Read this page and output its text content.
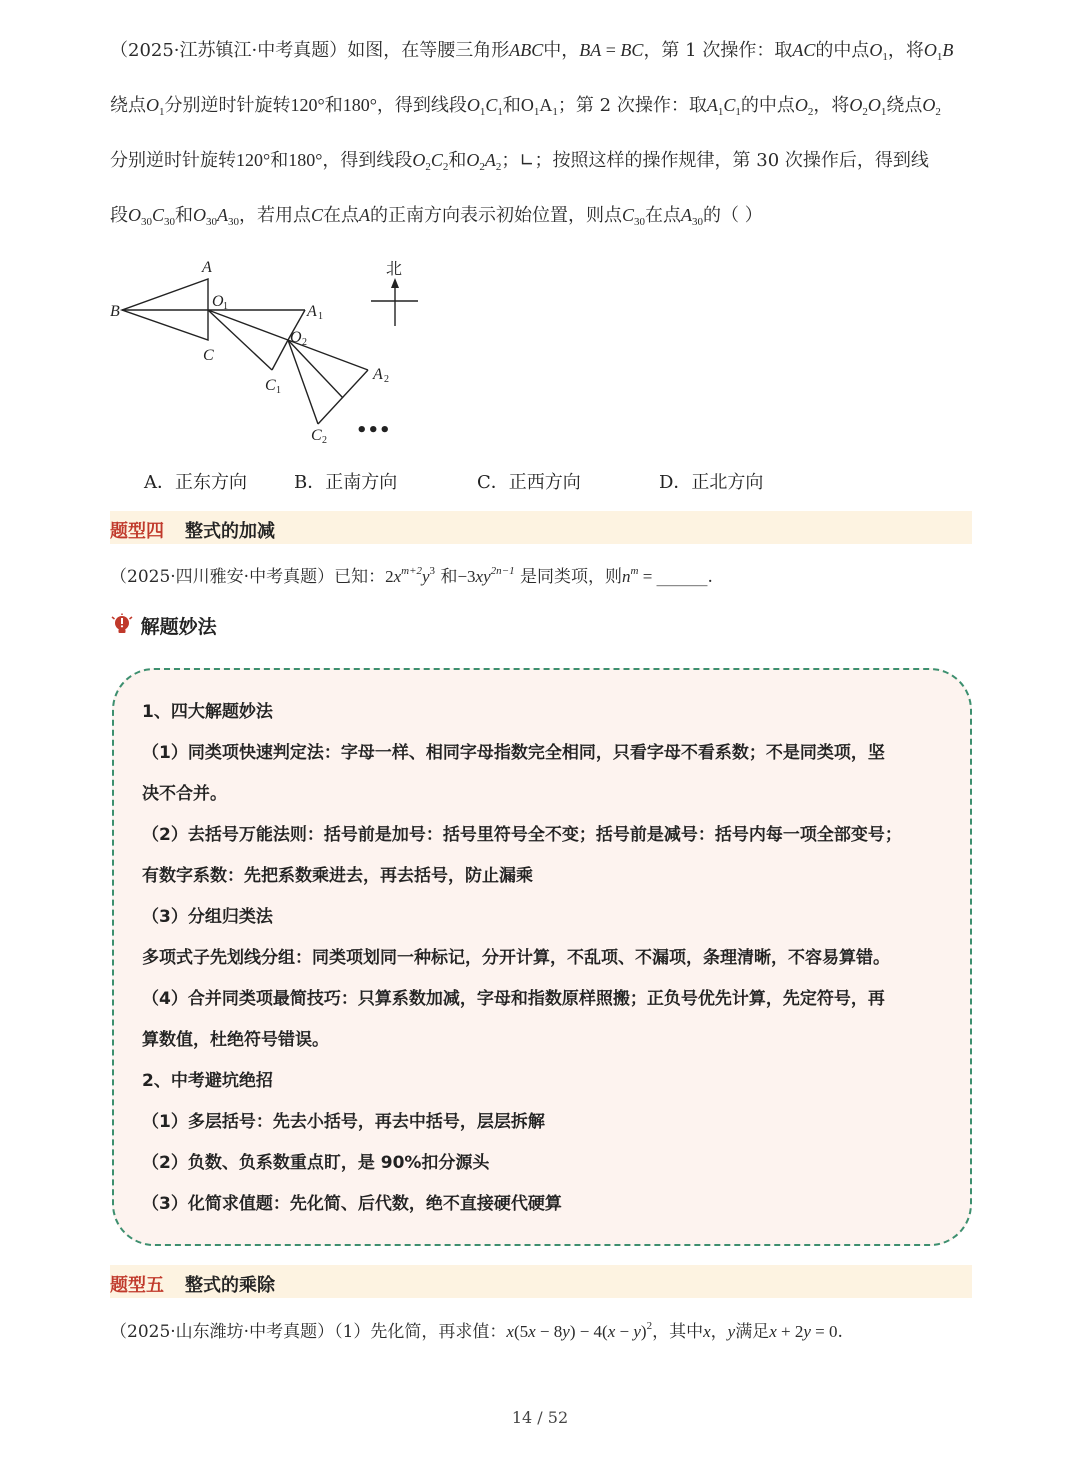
（2025·江苏镇江·中考真题）如图，在等腰三角形ABC中，BA = BC，第 1 次操作：取AC的中点$O_1$，将$O_1B$
绕点$O_1$分别逆时针旋转120°和180°，得到线段$O_1C_1$和$O_1A_1$；第 2 次操作：取$A_1C_1$的中点$O_2$，将$O_2O_1$绕点$O_2$
分别逆时针旋转120°和180°，得到线段$O_2C_2$和$O_2A_2$；∟；按照这样的操作规律，第 30 次操作后，得到线
段$O_{30}C_{30}$和$O_{30}A_{30}$，若用点C在点A的正南方向表示初始位置，则点$C_{30}$在点$A_{30}$的（ ）
A
B
C
O 1	A 1
C 1
O 2
A 2
C 2
北
•••
A．正东方向	B．正南方向	C．正西方向	D．正北方向
题型四 整式的加减
（2025·四川雅安·中考真题）已知：$2x^{m+2}y^3$ 和$-3xy^{2n-1}$ 是同类项，则$n^m$ = ______.
解题妙法
1、四大解题妙法
（1）同类项快速判定法：字母一样、相同字母指数完全相同，只看字母不看系数；不是同类项，坚
决不合并。
（2）去括号万能法则：括号前是加号：括号里符号全不变；括号前是减号：括号内每一项全部变号；
有数字系数：先把系数乘进去，再去括号，防止漏乘
（3）分组归类法
多项式子先划线分组：同类项划同一种标记，分开计算，不乱项、不漏项，条理清晰，不容易算错。
（4）合并同类项最简技巧：只算系数加减，字母和指数原样照搬；正负号优先计算，先定符号，再
算数值，杜绝符号错误。
2、中考避坑绝招
（1）多层括号：先去小括号，再去中括号，层层拆解
（2）负数、负系数重点盯，是 90%扣分源头
（3）化简求值题：先化简、后代数，绝不直接硬代硬算
题型五 整式的乘除
（2025·山东潍坊·中考真题）（1）先化简，再求值：$x(5x - 8y) - 4(x - y)^2$，其中x，y满足x + 2y = 0.
14 / 52
